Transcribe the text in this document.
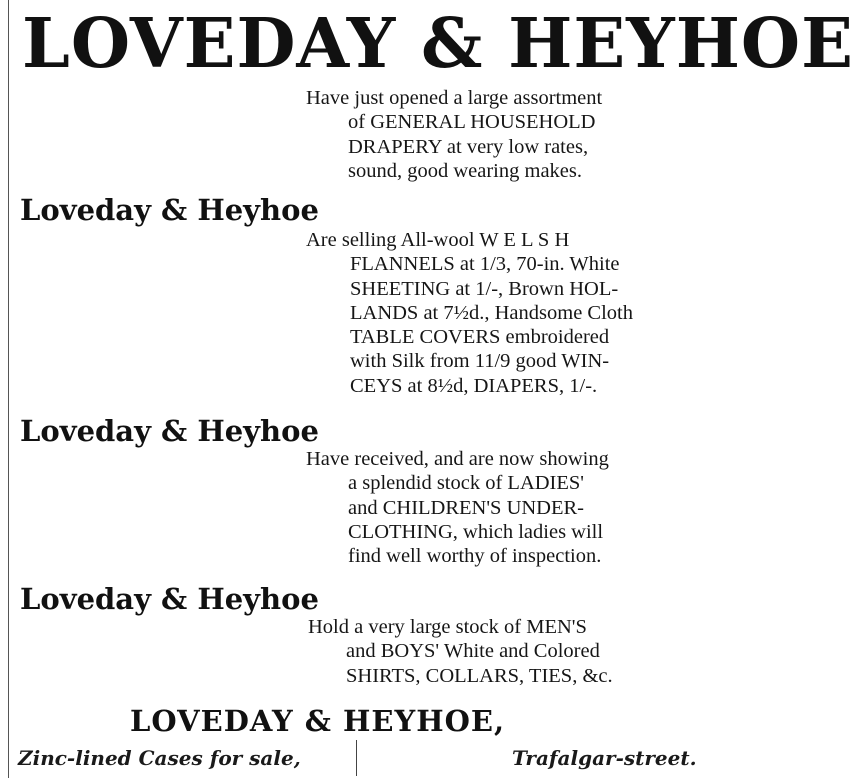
LOVEDAY & HEYHOE
Have just opened a large assortment
of GENERAL HOUSEHOLD
DRAPERY at very low rates,
sound, good wearing makes.
Loveday & Heyhoe
Are selling All-wool W E L S H
FLANNELS at 1/3, 70-in. White
SHEETING at 1/-, Brown HOL-
LANDS at 7½d., Handsome Cloth
TABLE COVERS embroidered
with Silk from 11/9 good WIN-
CEYS at 8½d, DIAPERS, 1/-.
Loveday & Heyhoe
Have received, and are now showing
a splendid stock of LADIES'
and CHILDREN'S UNDER-
CLOTHING, which ladies will
find well worthy of inspection.
Loveday & Heyhoe
Hold a very large stock of MEN'S
and BOYS' White and Colored
SHIRTS, COLLARS, TIES, &c.
LOVEDAY & HEYHOE,
Zinc-lined Cases for sale,	Trafalgar-street.
